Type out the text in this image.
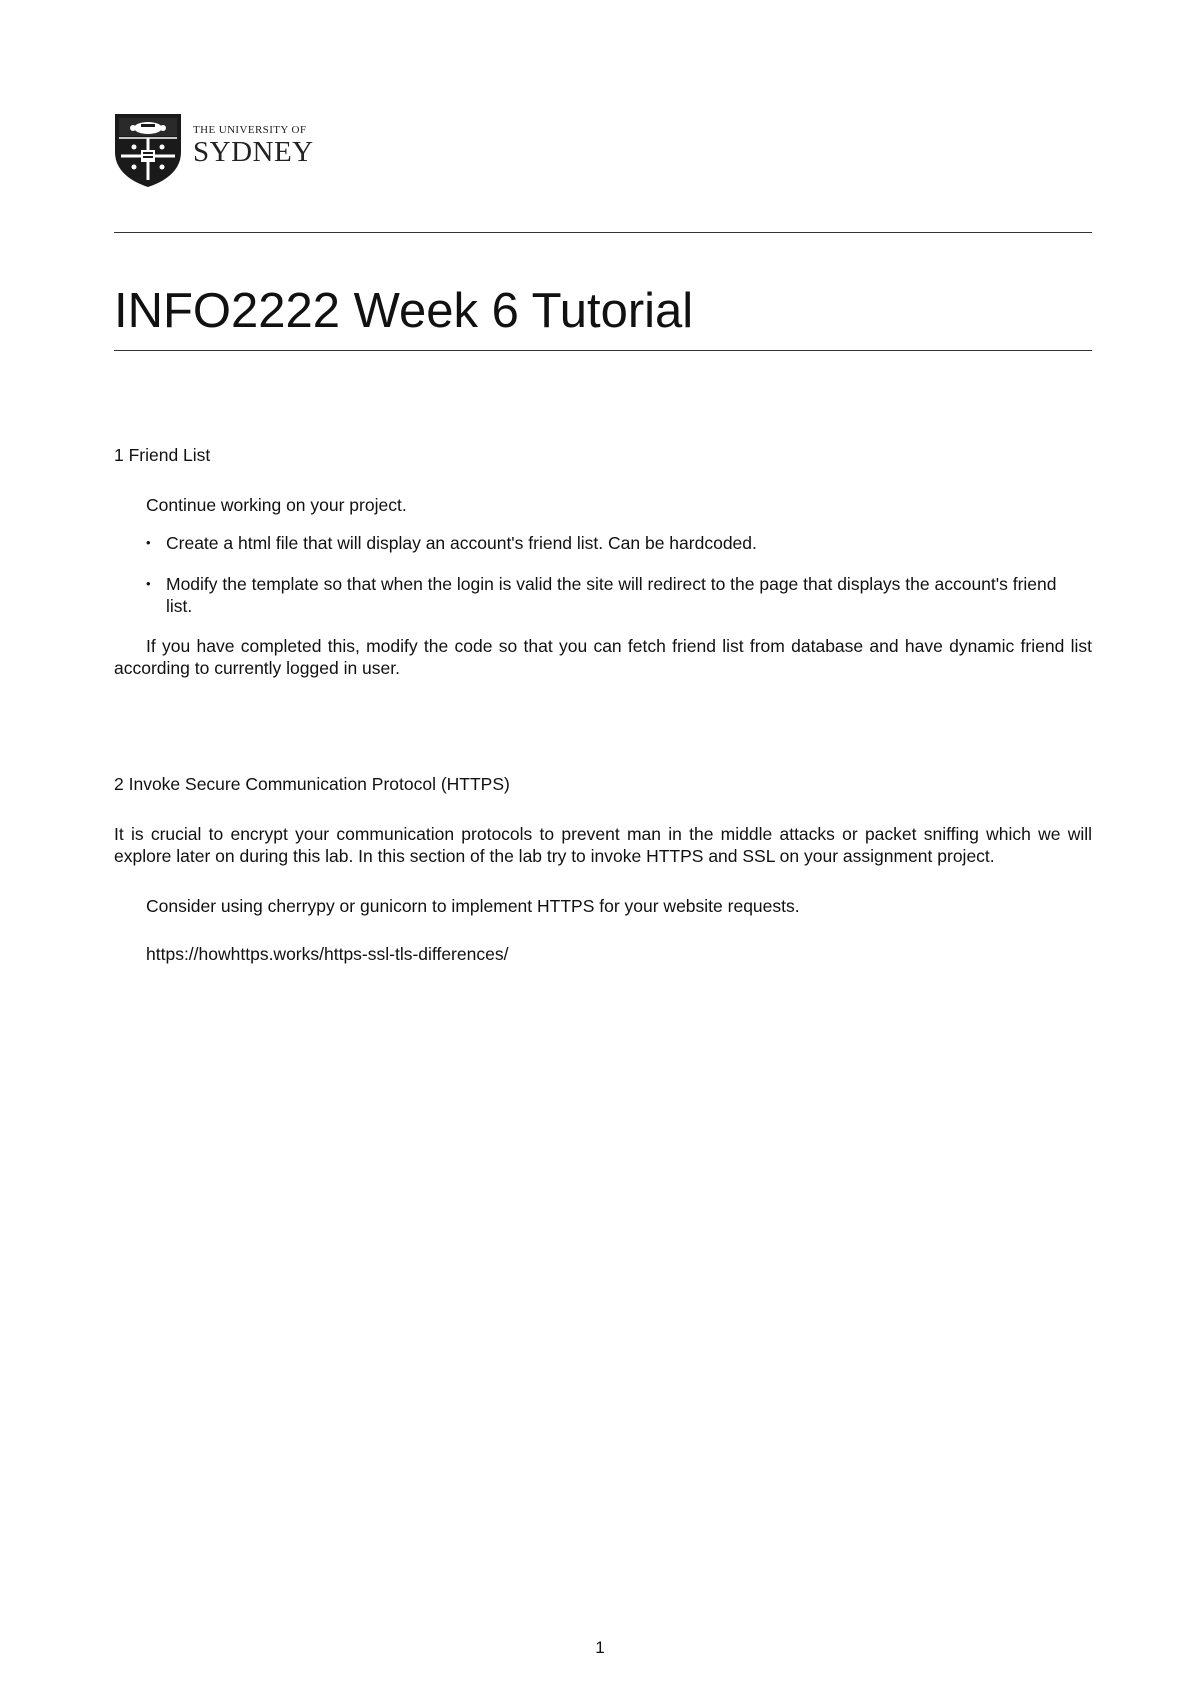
THE UNIVERSITY OF
SYDNEY
INFO2222 Week 6 Tutorial

1 Friend List

Continue working on your project.

• Create a html file that will display an account's friend list. Can be hardcoded.
• Modify the template so that when the login is valid the site will redirect to the page that displays the account's friend list.

If you have completed this, modify the code so that you can fetch friend list from database and have dynamic friend list according to currently logged in user.

2 Invoke Secure Communication Protocol (HTTPS)

It is crucial to encrypt your communication protocols to prevent man in the middle attacks or packet sniffing which we will explore later on during this lab. In this section of the lab try to invoke HTTPS and SSL on your assignment project.

Consider using cherrypy or gunicorn to implement HTTPS for your website requests.

https://howhttps.works/https-ssl-tls-differences/

1
